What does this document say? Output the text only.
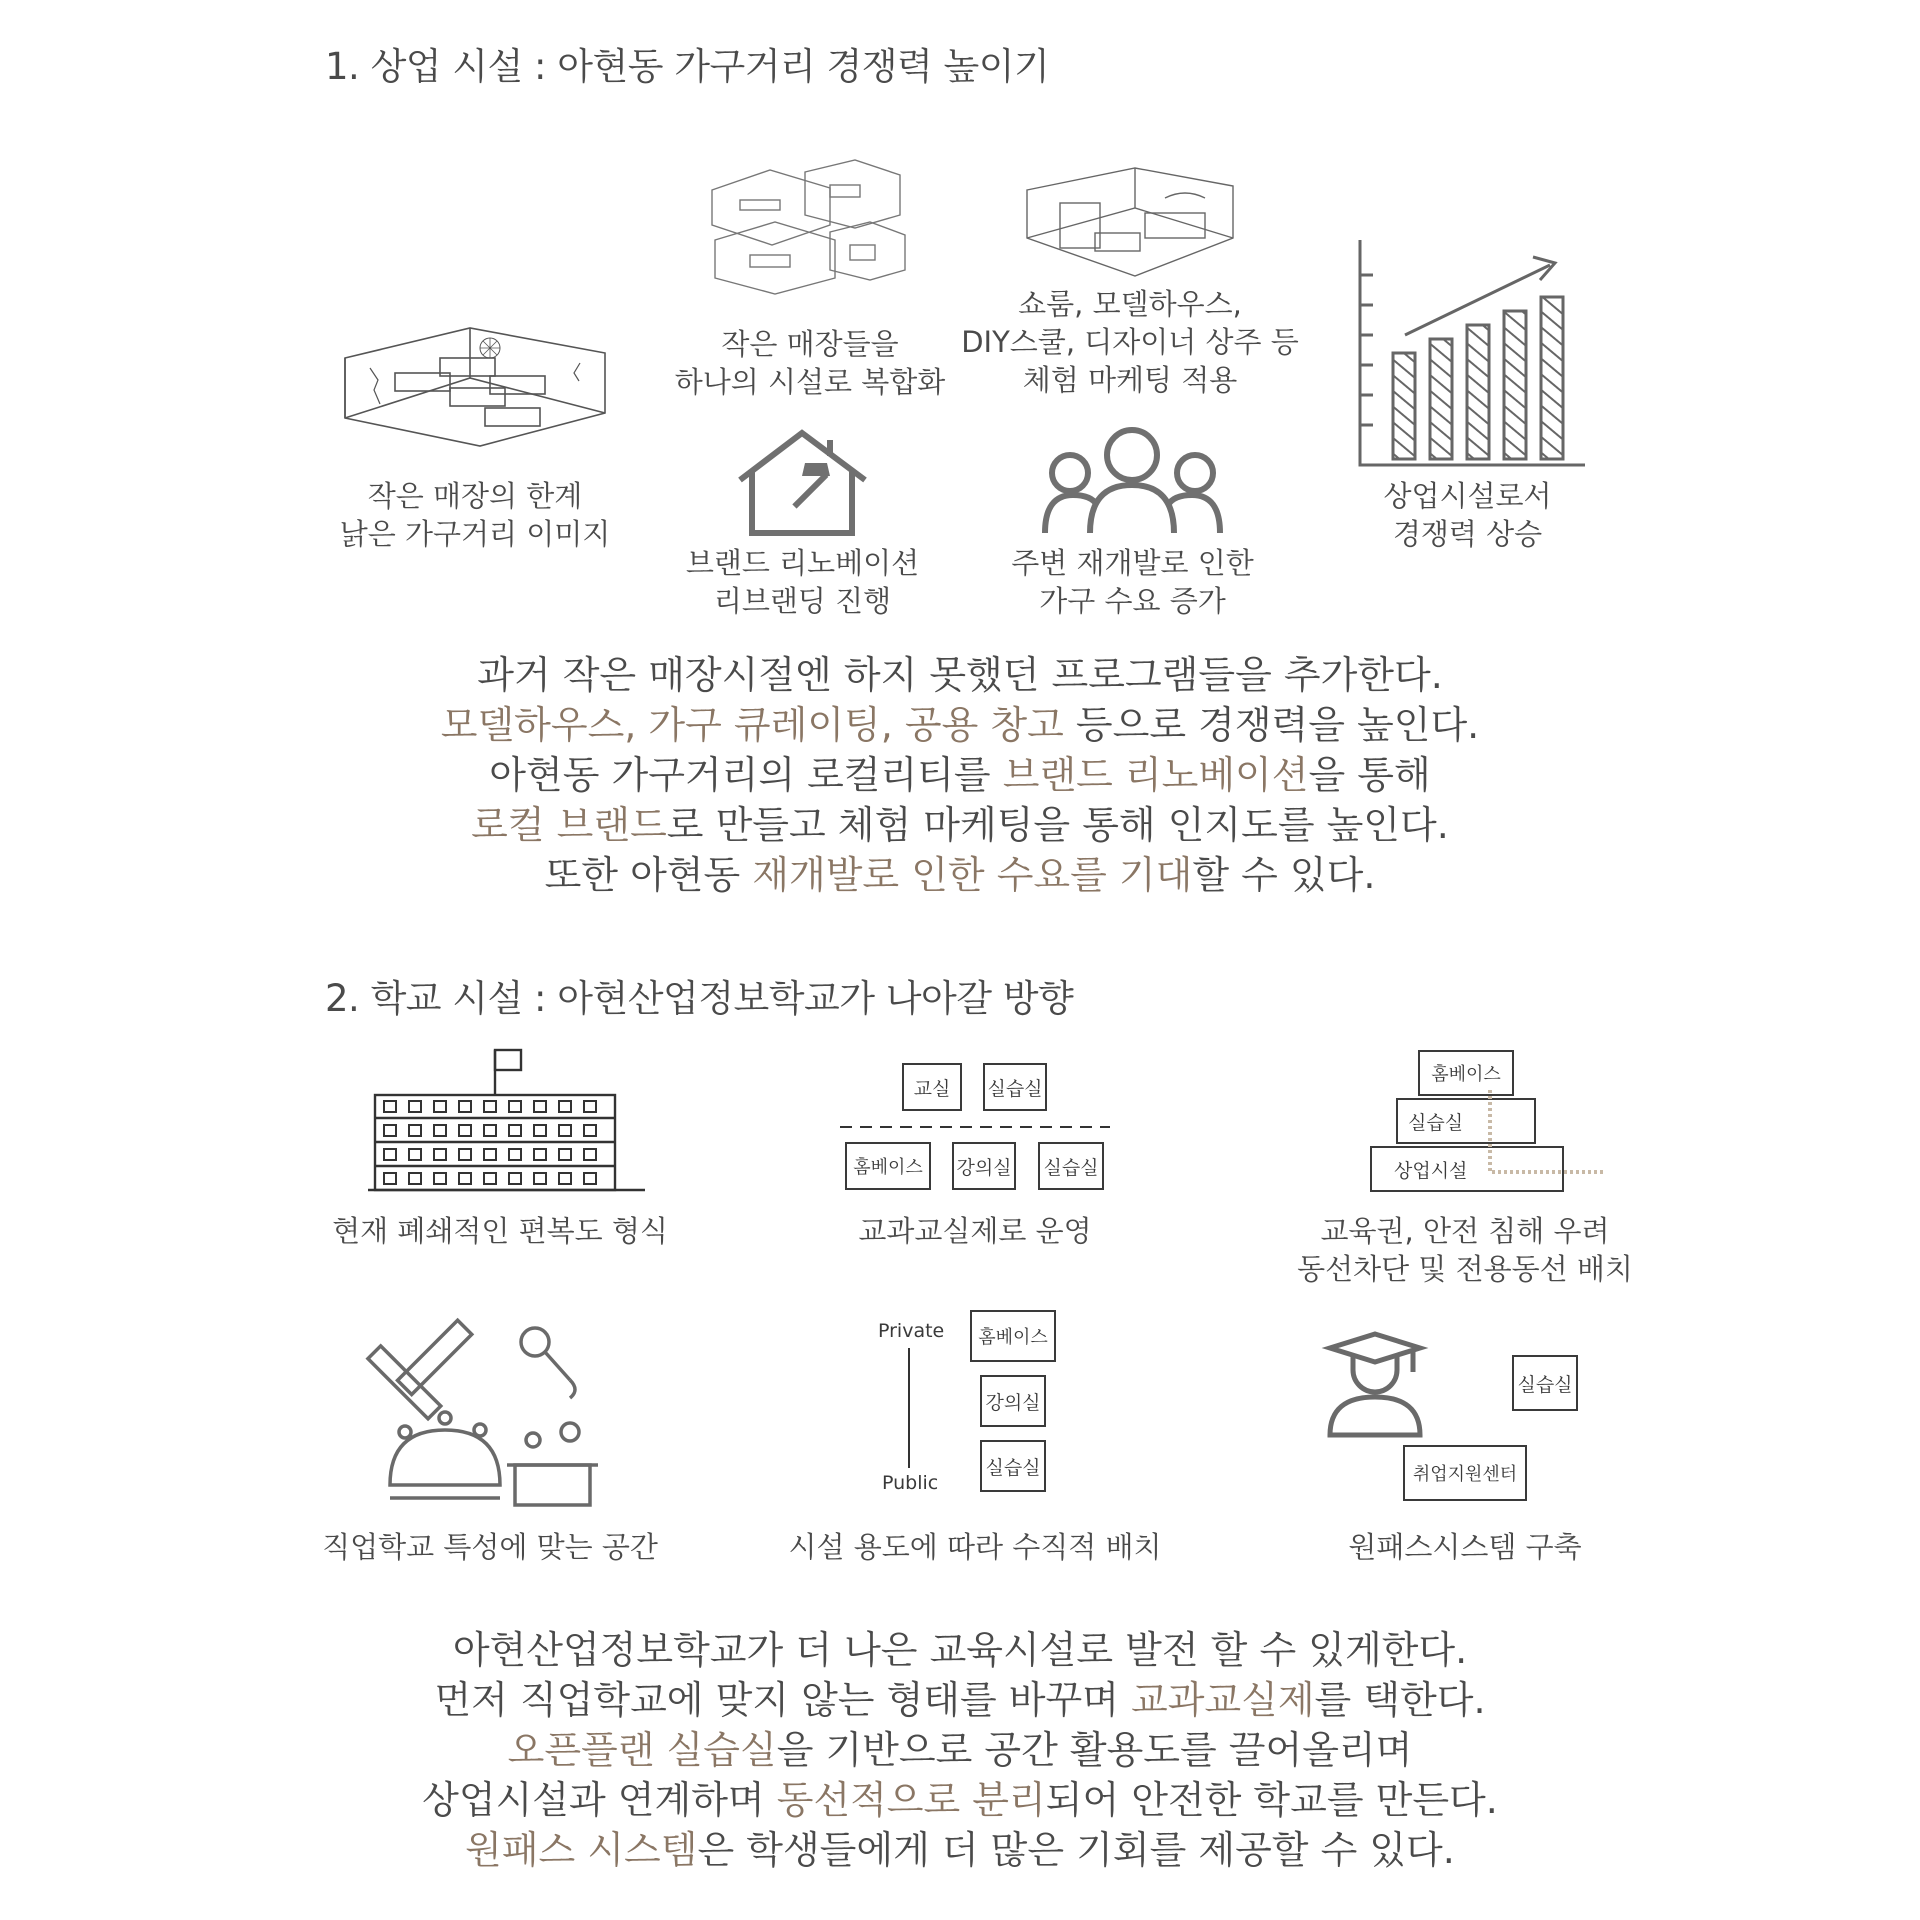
1. 상업 시설 : 아현동 가구거리 경쟁력 높이기
작은 매장의 한계
낡은 가구거리 이미지
작은 매장들을
하나의 시설로 복합화
쇼룸, 모델하우스,
DIY스쿨, 디자이너 상주 등
체험 마케팅 적용
상업시설로서
경쟁력 상승
브랜드 리노베이션
리브랜딩 진행
주변 재개발로 인한
가구 수요 증가
과거 작은 매장시절엔 하지 못했던 프로그램들을 추가한다.
모델하우스, 가구 큐레이팅, 공용 창고 등으로 경쟁력을 높인다.
아현동 가구거리의 로컬리티를 브랜드 리노베이션을 통해
로컬 브랜드로 만들고 체험 마케팅을 통해 인지도를 높인다.
또한 아현동 재개발로 인한 수요를 기대할 수 있다.
2. 학교 시설 : 아현산업정보학교가 나아갈 방향
현재 폐쇄적인 편복도 형식
교실	실습실
홈베이스	강의실 실습실
교과교실제로 운영
홈베이스
실습실
상업시설
교육권, 안전 침해 우려
동선차단 및 전용동선 배치
직업학교 특성에 맞는 공간
Private
Public
홈베이스
강의실
실습실
시설 용도에 따라 수직적 배치
실습실
취업지원센터
원패스시스템 구축
아현산업정보학교가 더 나은 교육시설로 발전 할 수 있게한다.
먼저 직업학교에 맞지 않는 형태를 바꾸며 교과교실제를 택한다.
오픈플랜 실습실을 기반으로 공간 활용도를 끌어올리며
상업시설과 연계하며 동선적으로 분리되어 안전한 학교를 만든다.
원패스 시스템은 학생들에게 더 많은 기회를 제공할 수 있다.
